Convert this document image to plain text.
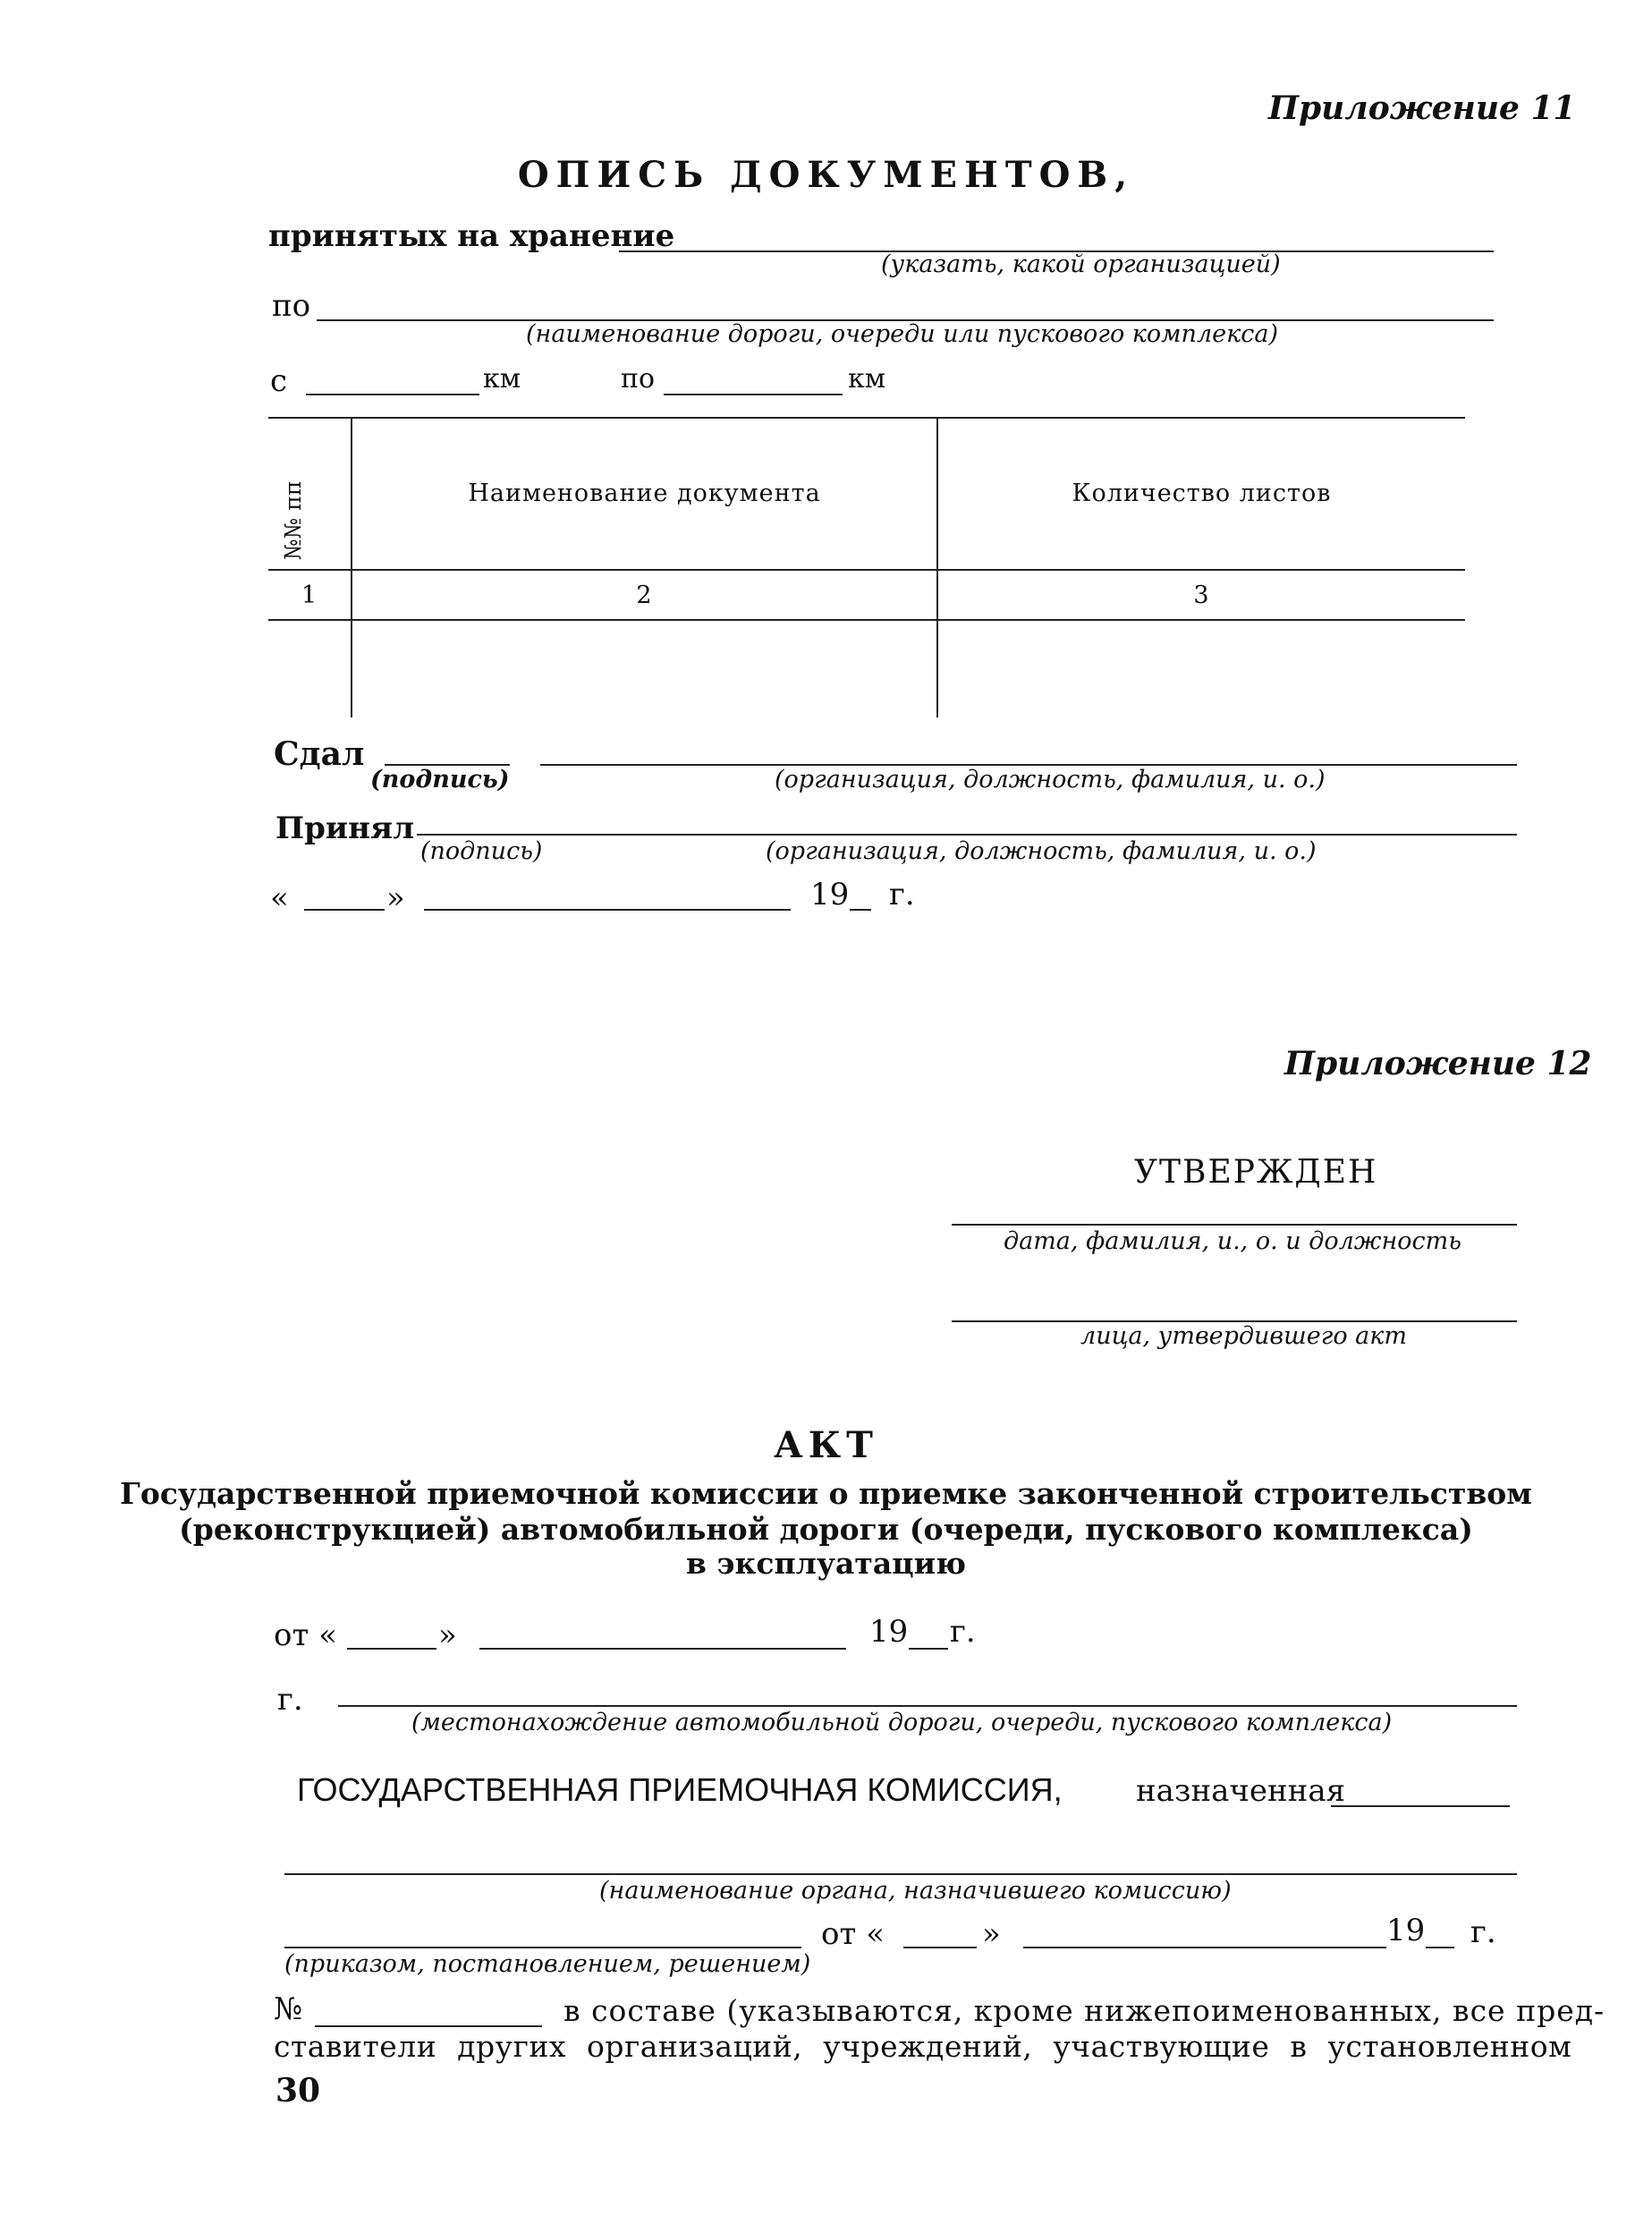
Приложение 11
ОПИСЬ ДОКУМЕНТОВ,
принятых на хранение
(указать, какой организацией)
по
(наименование дороги, очереди или пускового комплекса)
с	км	по	км
№№ пп	Наименование документа	Количество листов
1	2	3
Сдал
(подпись)	(организация, должность, фамилия, и. о.)
Принял
(подпись)	(организация, должность, фамилия, и. о.)
«	»	19 г.
Приложение 12
УТВЕРЖДЕН
дата, фамилия, и., о. и должность
лица, утвердившего акт
АКТ
Государственной приемочной комиссии о приемке законченной строительством
(реконструкцией) автомобильной дороги (очереди, пускового комплекса)
в эксплуатацию
от «	»	19 г.
г.
(местонахождение автомобильной дороги, очереди, пускового комплекса)
ГОСУДАРСТВЕННАЯ ПРИЕМОЧНАЯ КОМИССИЯ, назначенная
(наименование органа, назначившего комиссию)
от «	»	19 г.
(приказом, постановлением, решением)
№	в составе (указываются, кроме нижепоименованных, все пред-
ставители других организаций, учреждений, участвующие в установленном
30
